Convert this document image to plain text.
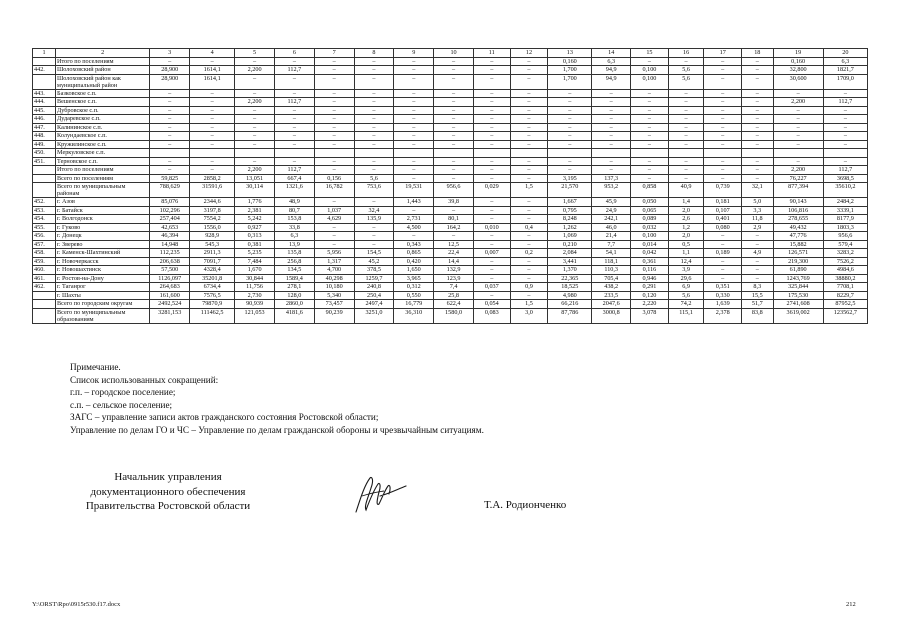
1	2	3	4	5	6	7	8	9	10	11	12	13	14	15	16	17	18	19	20
	Итого по поселениям	–	–	–	–	–	–	–	–	–	–	0,160	6,3	–	–	–	–	0,160	6,3
442.	Шолоховский район	28,900	1614,1	2,200	112,7	–	–	–	–	–	–	1,700	94,9	0,100	5,6	–	–	32,800	1821,7
	Шолоховский район как муниципальный район	28,900	1614,1	–	–	–	–	–	–	–	–	1,700	94,9	0,100	5,6	–	–	30,600	1709,0
443.	Базковское с.п.	–	–	–	–	–	–	–	–	–	–	–	–	–	–	–	–	–	–
444.	Вешенское с.п.	–	–	2,200	112,7	–	–	–	–	–	–	–	–	–	–	–	–	2,200	112,7
445.	Дубровское с.п.	–	–	–	–	–	–	–	–	–	–	–	–	–	–	–	–	–	–
446.	Дударевское с.п.	–	–	–	–	–	–	–	–	–	–	–	–	–	–	–	–	–	–
447.	Калининское с.п.	–	–	–	–	–	–	–	–	–	–	–	–	–	–	–	–	–	–
448.	Колундаевское с.п.	–	–	–	–	–	–	–	–	–	–	–	–	–	–	–	–	–	–
449.	Кружилинское с.п.	–	–	–	–	–	–	–	–	–	–	–	–	–	–	–	–	–	–
450.	Меркуловское с.п.																		
451.	Терновское с.п.	–	–	–	–	–	–	–	–	–	–	–	–	–	–	–	–	–	–
	Итого по поселениям	–	–	2,200	112,7	–	–	–	–	–	–	–	–	–	–	–	–	2,200	112,7
	Всего по поселениям	59,825	2858,2	13,051	667,4	0,156	5,6	–	–	–	–	3,195	137,3	–	–	–	–	76,227	3698,5
	Всего по муниципальным районам	788,629	31591,6	30,114	1321,6	16,782	753,6	19,531	956,6	0,029	1,5	21,570	953,2	0,858	40,9	0,739	32,1	877,394	35610,2
452.	г. Азов	85,076	2344,6	1,776	48,9	–	–	1,443	39,8	–	–	1,667	45,9	0,050	1,4	0,181	5,0	90,143	2484,2
453.	г. Батайск	102,296	3197,8	2,381	80,7	1,037	32,4	–	–	–	–	0,795	24,9	0,065	2,0	0,107	3,3	106,816	3339,1
454.	г. Волгодонск	257,404	7554,2	5,242	153,8	4,629	135,9	2,731	80,1	–	–	8,248	242,1	0,089	2,6	0,401	11,8	278,655	8177,9
455.	г. Гуково	42,653	1556,0	0,927	33,8	–	–	4,500	164,2	0,010	0,4	1,262	46,0	0,032	1,2	0,080	2,9	49,432	1803,3
456.	г. Донецк	46,394	928,9	0,313	6,3	–	–	–	–	–	–	1,069	21,4	0,100	2,0	–	–	47,776	956,6
457.	г. Зверево	14,948	545,3	0,381	13,9	–	–	0,343	12,5	–	–	0,210	7,7	0,014	0,5	–	–	15,882	579,4
458.	г. Каменск-Шахтинский	112,235	2911,3	5,235	135,8	5,956	154,5	0,865	22,4	0,007	0,2	2,084	54,1	0,042	1,1	0,189	4,9	126,571	3283,2
459.	г. Новочеркасск	206,638	7091,7	7,484	256,8	1,317	45,2	0,420	14,4	–	–	3,441	118,1	0,361	12,4	–	–	219,300	7526,2
460.	г. Новошахтинск	57,500	4328,4	1,670	134,5	4,700	378,5	1,650	132,9	–	–	1,370	110,3	0,116	3,9	–	–	61,890	4984,6
461.	г. Ростов-на-Дону	1126,097	35201,8	30,844	1589,4	40,298	1259,7	3,965	123,9	–	–	22,365	705,4	0,946	29,6	–	–	1243,769	38880,2
462.	г. Таганрог	264,683	6734,4	11,756	278,1	10,180	240,8	0,312	7,4	0,037	0,9	18,525	438,2	0,291	6,9	0,351	8,3	325,844	7708,1
	г. Шахты	161,600	7576,5	2,730	128,0	5,340	250,4	0,550	25,8	–	–	4,980	233,5	0,120	5,6	0,330	15,5	175,530	8229,7
	Всего по городским округам	2492,524	79870,9	90,939	2860,0	73,457	2497,4	16,779	622,4	0,054	1,5	66,216	2047,6	2,220	74,2	1,639	51,7	2741,608	87952,5
	Всего по муниципальным образованиям	3281,153	111462,5	121,053	4181,6	90,239	3251,0	36,310	1580,0	0,083	3,0	87,786	3000,8	3,078	115,1	2,378	83,8	3619,002	123562,7
Примечание.
Список использованных сокращений:
г.п. – городское поселение;
с.п. – сельское поселение;
ЗАГС – управление записи актов гражданского состояния Ростовской области;
Управление по делам ГО и ЧС – Управление по делам гражданской обороны и чрезвычайным ситуациям.
Начальник управления
документационного обеспечения
Правительства Ростовской области	Т.А. Родионченко
Y:\ORST\Rpo\0915r530.f17.docx	212
